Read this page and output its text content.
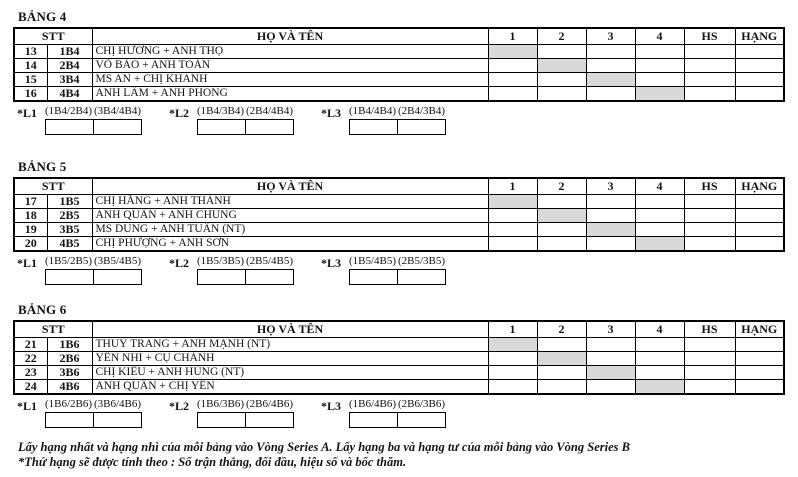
BẢNG 4
STT		HỌ VÀ TÊN	1	2	3	4	HS	HẠNG
13	1B4	CHỊ HƯƠNG + ANH THỌ						
14	2B4	VÕ BẢO + ANH TOÀN						
15	3B4	MS AN + CHỊ KHANH						
16	4B4	ANH LÂM + ANH PHONG						
*L1 (1B4/2B4) (3B4/4B4) *L2 (1B4/3B4) (2B4/4B4) *L3 (1B4/4B4) (2B4/3B4)
BẢNG 5
STT		HỌ VÀ TÊN	1	2	3	4	HS	HẠNG
17	1B5	CHỊ HẰNG + ANH THÀNH						
18	2B5	ANH QUÂN + ANH CHUNG						
19	3B5	MS DUNG + ANH TUẤN (NT)						
20	4B5	CHỊ PHƯỢNG + ANH SƠN						
*L1 (1B5/2B5) (3B5/4B5) *L2 (1B5/3B5) (2B5/4B5) *L3 (1B5/4B5) (2B5/3B5)
BẢNG 6
STT		HỌ VÀ TÊN	1	2	3	4	HS	HẠNG
21	1B6	THUỲ TRANG + ANH MẠNH (NT)						
22	2B6	YẾN NHI + CỤ CHÁNH						
23	3B6	CHỊ KIỀU + ANH HÙNG (NT)						
24	4B6	ANH QUÂN + CHỊ YẾN						
*L1 (1B6/2B6) (3B6/4B6) *L2 (1B6/3B6) (2B6/4B6) *L3 (1B6/4B6) (2B6/3B6)
Lấy hạng nhất và hạng nhì của mỗi bảng vào Vòng Series A. Lấy hạng ba và hạng tư của mỗi bảng vào Vòng Series B
*Thứ hạng sẽ được tính theo : Số trận thắng, đối đầu, hiệu số và bốc thăm.
